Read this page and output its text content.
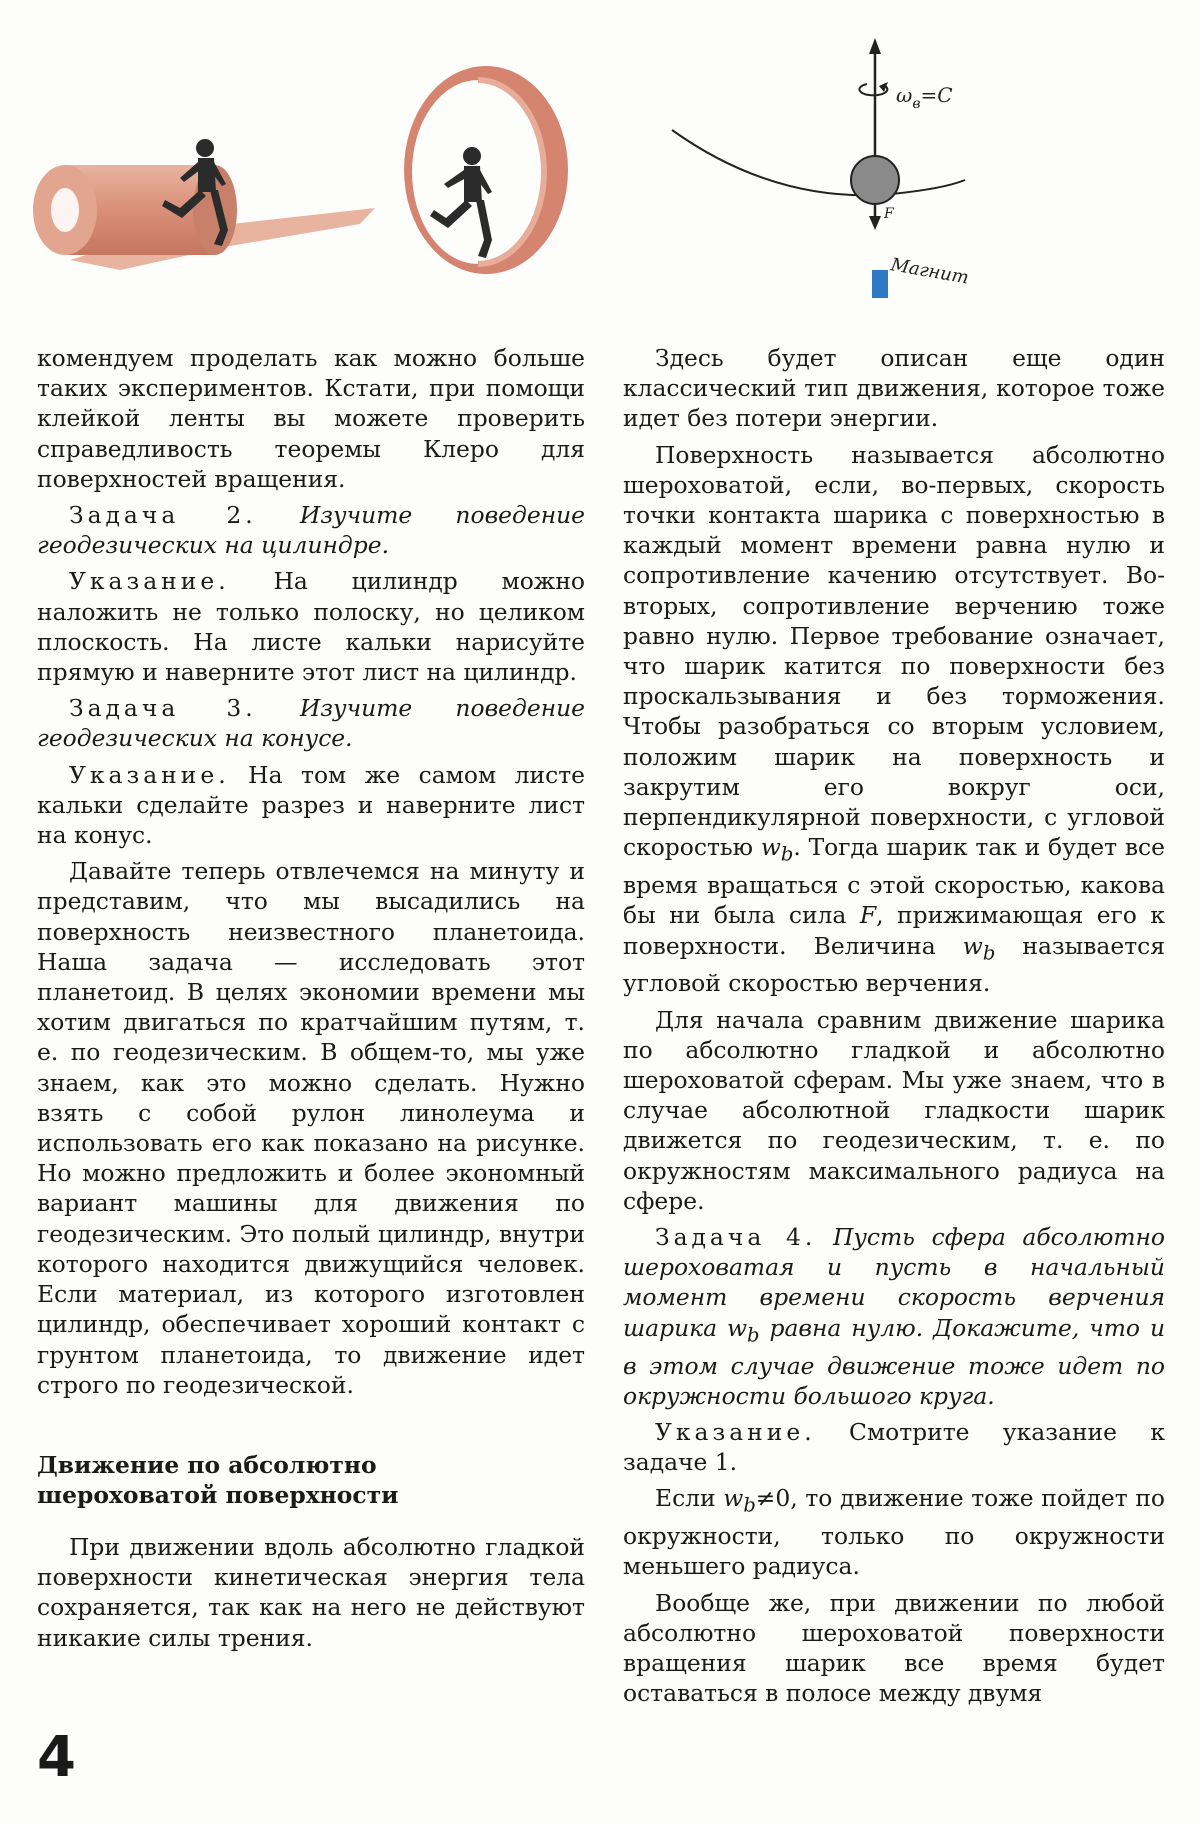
$\omega_в=C$
F
Магнит

комендуем проделать как можно больше таких экспериментов. Кстати, при помощи клейкой ленты вы можете проверить справедливость теоремы Клеро для поверхностей вращения.

Задача 2. Изучите поведение геодезических на цилиндре.

Указание. На цилиндр можно наложить не только полоску, но целиком плоскость. На листе кальки нарисуйте прямую и наверните этот лист на цилиндр.

Задача 3. Изучите поведение геодезических на конусе.

Указание. На том же самом листе кальки сделайте разрез и наверните лист на конус.

Давайте теперь отвлечемся на минуту и представим, что мы высадились на поверхность неизвестного планетоида. Наша задача — исследовать этот планетоид. В целях экономии времени мы хотим двигаться по кратчайшим путям, т. е. по геодезическим. В общем-то, мы уже знаем, как это можно сделать. Нужно взять с собой рулон линолеума и использовать его как показано на рисунке. Но можно предложить и более экономный вариант машины для движения по геодезическим. Это полый цилиндр, внутри которого находится движущийся человек. Если материал, из которого изготовлен цилиндр, обеспечивает хороший контакт с грунтом планетоида, то движение идет строго по геодезической.

Движение по абсолютно
шероховатой поверхности

При движении вдоль абсолютно гладкой поверхности кинетическая энергия тела сохраняется, так как на него не действуют никакие силы трения.

Здесь будет описан еще один классический тип движения, которое тоже идет без потери энергии.

Поверхность называется абсолютно шероховатой, если, во-первых, скорость точки контакта шарика с поверхностью в каждый момент времени равна нулю и сопротивление качению отсутствует. Во-вторых, сопротивление верчению тоже равно нулю. Первое требование означает, что шарик катится по поверхности без проскальзывания и без торможения. Чтобы разобраться со вторым условием, положим шарик на поверхность и закрутим его вокруг оси, перпендикулярной поверхности, с угловой скоростью $w_b$. Тогда шарик так и будет все время вращаться с этой скоростью, какова бы ни была сила F, прижимающая его к поверхности. Величина $w_b$ называется угловой скоростью верчения.

Для начала сравним движение шарика по абсолютно гладкой и абсолютно шероховатой сферам. Мы уже знаем, что в случае абсолютной гладкости шарик движется по геодезическим, т. е. по окружностям максимального радиуса на сфере.

Задача 4. Пусть сфера абсолютно шероховатая и пусть в начальный момент времени скорость верчения шарика $w_b$ равна нулю. Докажите, что и в этом случае движение тоже идет по окружности большого круга.

Указание. Смотрите указание к задаче 1.

Если $w_b\ne 0$, то движение тоже пойдет по окружности, только по окружности меньшего радиуса.

Вообще же, при движении по любой абсолютно шероховатой поверхности вращения шарик все время будет оставаться в полосе между двумя

4
